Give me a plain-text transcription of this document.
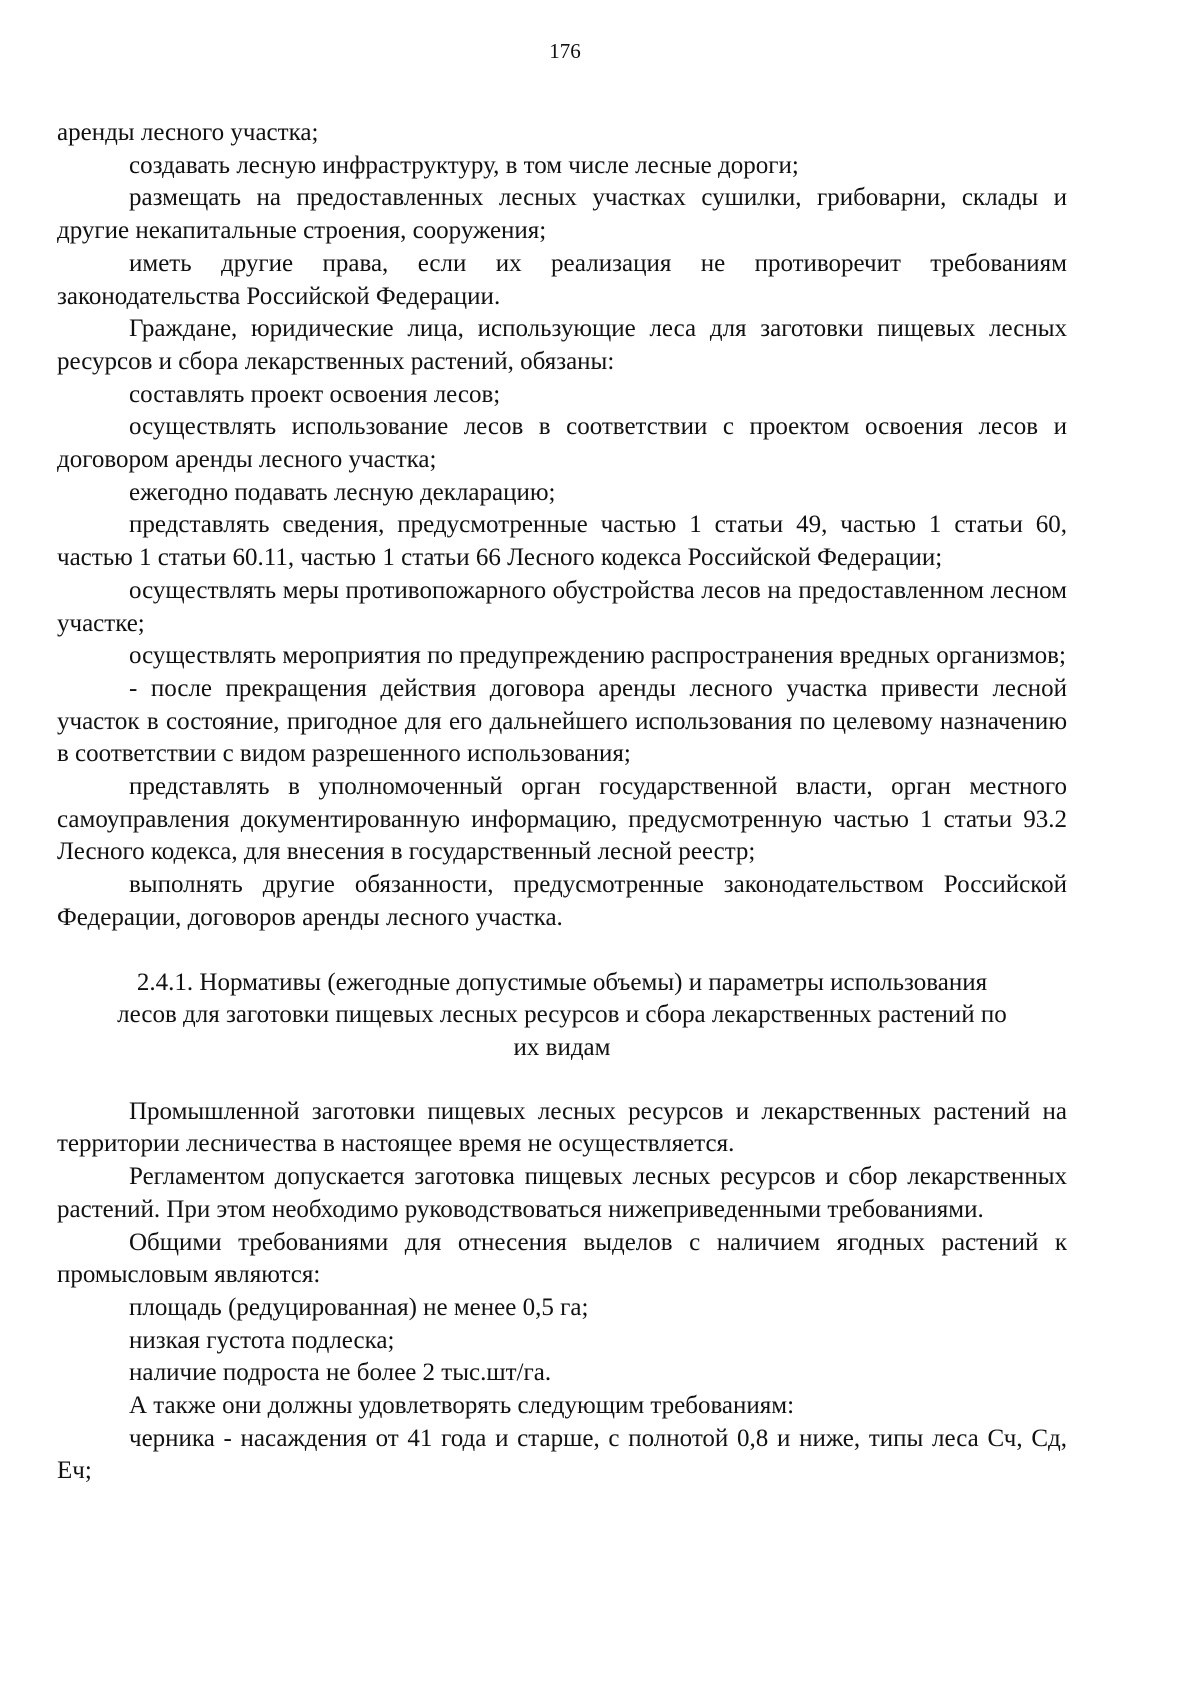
176

аренды лесного участка;

создавать лесную инфраструктуру, в том числе лесные дороги;

размещать на предоставленных лесных участках сушилки, грибоварни, склады и другие некапитальные строения, сооружения;

иметь другие права, если их реализация не противоречит требованиям законодательства Российской Федерации.

Граждане, юридические лица, использующие леса для заготовки пищевых лесных ресурсов и сбора лекарственных растений, обязаны:

составлять проект освоения лесов;

осуществлять использование лесов в соответствии с проектом освоения лесов и договором аренды лесного участка;

ежегодно подавать лесную декларацию;

представлять сведения, предусмотренные частью 1 статьи 49, частью 1 статьи 60, частью 1 статьи 60.11, частью 1 статьи 66 Лесного кодекса Российской Федерации;

осуществлять меры противопожарного обустройства лесов на предоставленном лесном участке;

осуществлять мероприятия по предупреждению распространения вредных организмов;

- после прекращения действия договора аренды лесного участка привести лесной участок в состояние, пригодное для его дальнейшего использования по целевому назначению в соответствии с видом разрешенного использования;

представлять в уполномоченный орган государственной власти, орган местного самоуправления документированную информацию, предусмотренную частью 1 статьи 93.2 Лесного кодекса, для внесения в государственный лесной реестр;

выполнять другие обязанности, предусмотренные законодательством Российской Федерации, договоров аренды лесного участка.

2.4.1. Нормативы (ежегодные допустимые объемы) и параметры использования лесов для заготовки пищевых лесных ресурсов и сбора лекарственных растений по их видам

Промышленной заготовки пищевых лесных ресурсов и лекарственных растений на территории лесничества в настоящее время не осуществляется.

Регламентом допускается заготовка пищевых лесных ресурсов и сбор лекарственных растений. При этом необходимо руководствоваться нижеприведенными требованиями.

Общими требованиями для отнесения выделов с наличием ягодных растений к промысловым являются:

площадь (редуцированная) не менее 0,5 га;

низкая густота подлеска;

наличие подроста не более 2 тыс.шт/га.

А также они должны удовлетворять следующим требованиям:

черника - насаждения от 41 года и старше, с полнотой 0,8 и ниже, типы леса Сч, Сд, Еч;
